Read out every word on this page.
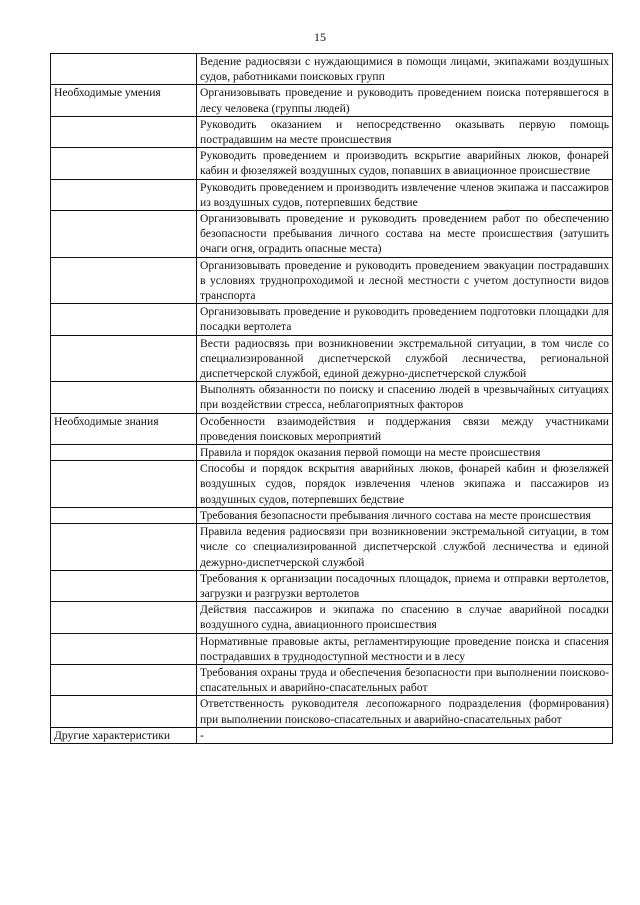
15
	Ведение радиосвязи с нуждающимися в помощи лицами, экипажами воздушных судов, работниками поисковых групп
Необходимые умения	Организовывать проведение и руководить проведением поиска потерявшегося в лесу человека (группы людей)
	Руководить оказанием и непосредственно оказывать первую помощь пострадавшим на месте происшествия
	Руководить проведением и производить вскрытие аварийных люков, фонарей кабин и фюзеляжей воздушных судов, попавших в авиационное происшествие
	Руководить проведением и производить извлечение членов экипажа и пассажиров из воздушных судов, потерпевших бедствие
	Организовывать проведение и руководить проведением работ по обеспечению безопасности пребывания личного состава на месте происшествия (затушить очаги огня, оградить опасные места)
	Организовывать проведение и руководить проведением эвакуации пострадавших в условиях труднопроходимой и лесной местности с учетом доступности видов транспорта
	Организовывать проведение и руководить проведением подготовки площадки для посадки вертолета
	Вести радиосвязь при возникновении экстремальной ситуации, в том числе со специализированной диспетчерской службой лесничества, региональной диспетчерской службой, единой дежурно-диспетчерской службой
	Выполнять обязанности по поиску и спасению людей в чрезвычайных ситуациях при воздействии стресса, неблагоприятных факторов
Необходимые знания	Особенности взаимодействия и поддержания связи между участниками проведения поисковых мероприятий
	Правила и порядок оказания первой помощи на месте происшествия
	Способы и порядок вскрытия аварийных люков, фонарей кабин и фюзеляжей воздушных судов, порядок извлечения членов экипажа и пассажиров из воздушных судов, потерпевших бедствие
	Требования безопасности пребывания личного состава на месте происшествия
	Правила ведения радиосвязи при возникновении экстремальной ситуации, в том числе со специализированной диспетчерской службой лесничества и единой дежурно-диспетчерской службой
	Требования к организации посадочных площадок, приема и отправки вертолетов, загрузки и разгрузки вертолетов
	Действия пассажиров и экипажа по спасению в случае аварийной посадки воздушного судна, авиационного происшествия
	Нормативные правовые акты, регламентирующие проведение поиска и спасения пострадавших в труднодоступной местности и в лесу
	Требования охраны труда и обеспечения безопасности при выполнении поисково-спасательных и аварийно-спасательных работ
	Ответственность руководителя лесопожарного подразделения (формирования) при выполнении поисково-спасательных и аварийно-спасательных работ
Другие характеристики	-
